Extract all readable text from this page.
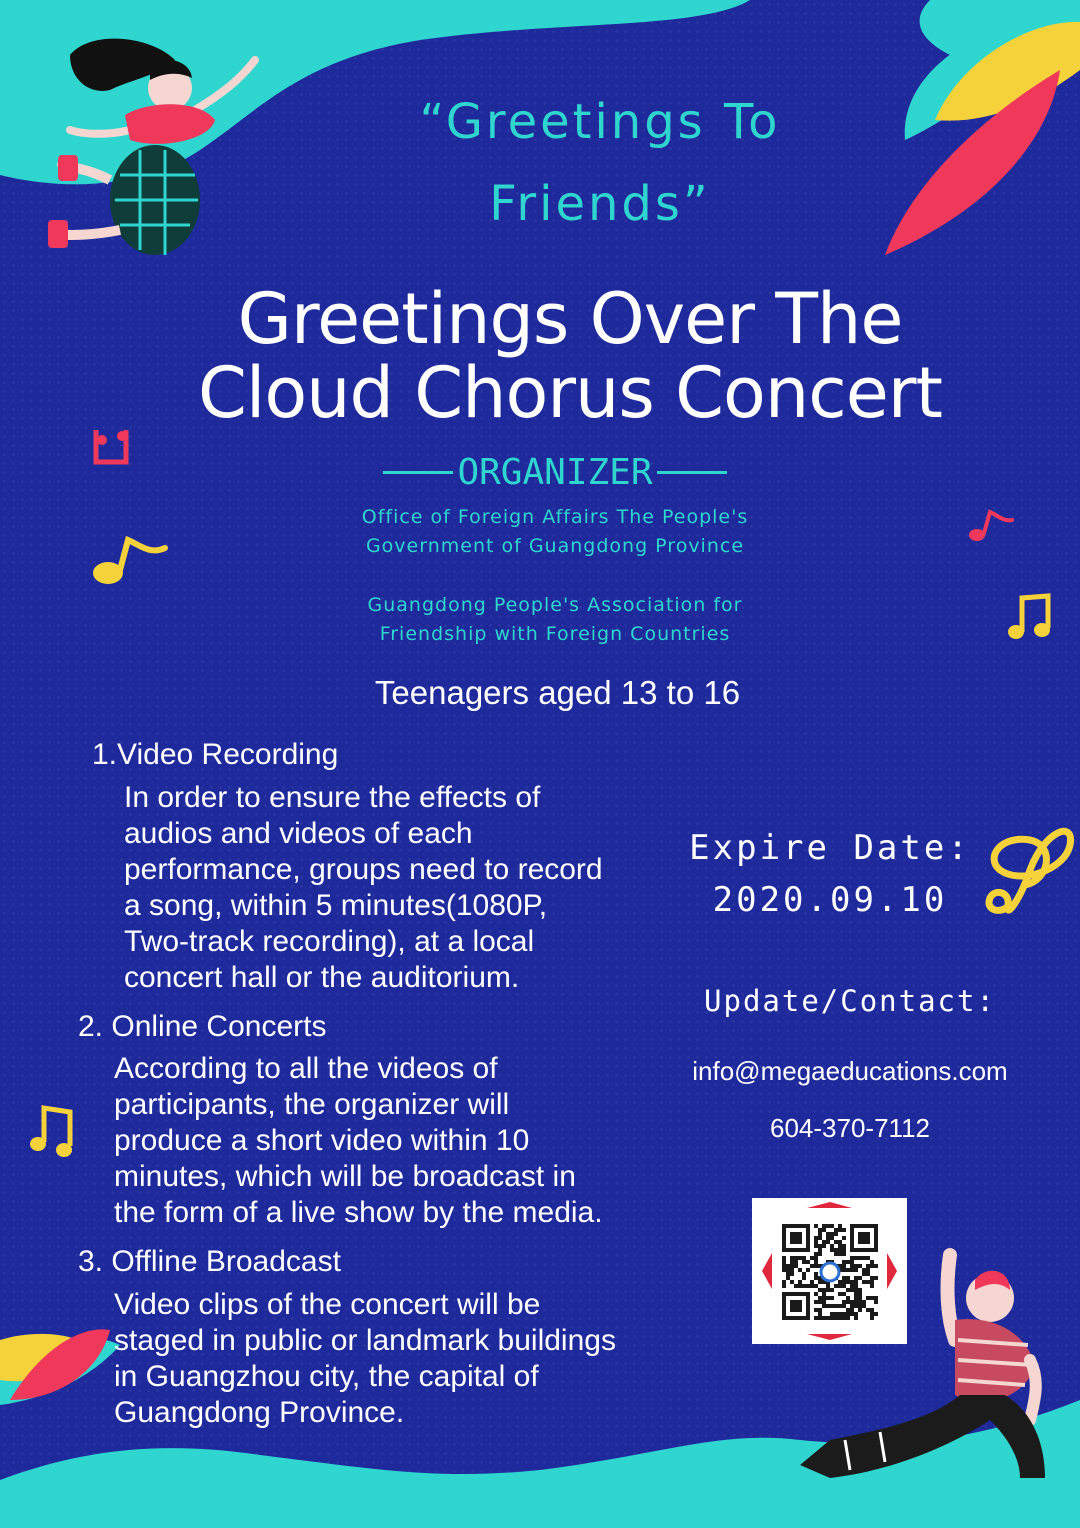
“Greetings To

Friends”

Greetings Over The

Cloud Chorus Concert

ORGANIZER

Office of Foreign Affairs The People's

Government of Guangdong Province

Guangdong People's Association for

Friendship with Foreign Countries

Teenagers aged 13 to 16

1.Video Recording

In order to ensure the effects of
audios and videos of each
performance, groups need to record
a song, within 5 minutes(1080P,
Two-track recording), at a local
concert hall or the auditorium.

2. Online Concerts

According to all the videos of
participants, the organizer will
produce a short video within 10
minutes, which will be broadcast in
the form of a live show by the media.

3. Offline Broadcast

Video clips of the concert will be
staged in public or landmark buildings
in Guangzhou city, the capital of
Guangdong Province.

Expire Date:

2020.09.10

Update/Contact:

info@megaeducations.com

604-370-7112
